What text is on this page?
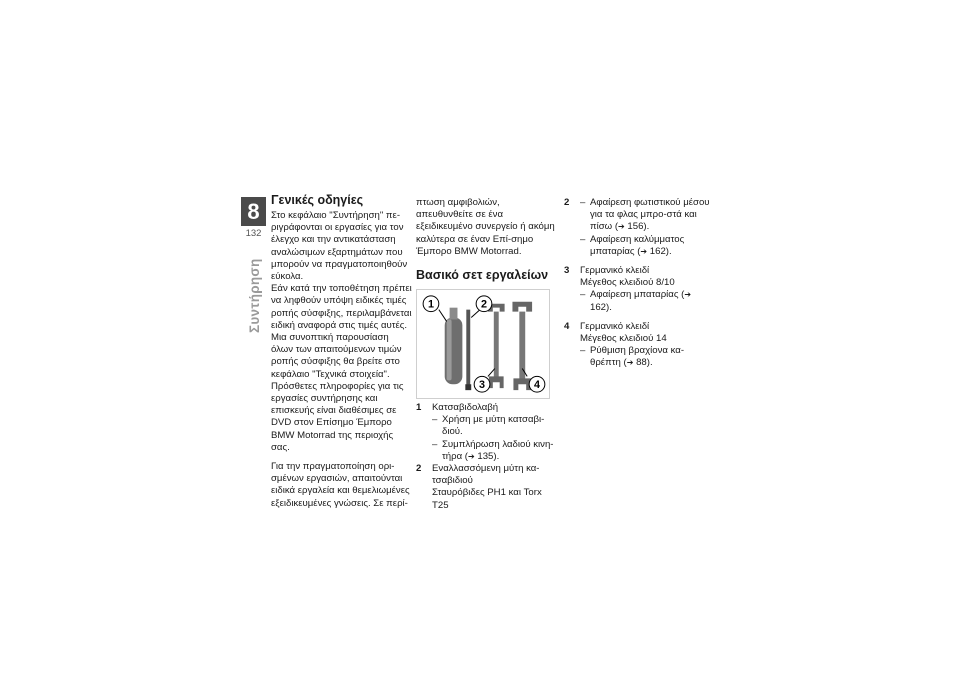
8
132
Συντήρηση
Γενικές οδηγίες

Στο κεφάλαιο "Συντήρηση" πε-ριγράφονται οι εργασίες για τον έλεγχο και την αντικατάσταση αναλώσιμων εξαρτημάτων που μπορούν να πραγματοποιηθούν εύκολα.

Εάν κατά την τοποθέτηση πρέπει να ληφθούν υπόψη ειδικές τιμές ροπής σύσφιξης, περιλαμβάνεται ειδική αναφορά στις τιμές αυτές. Μια συνοπτική παρουσίαση όλων των απαιτούμενων τιμών ροπής σύσφιξης θα βρείτε στο κεφάλαιο "Τεχνικά στοιχεία".

Πρόσθετες πληροφορίες για τις εργασίες συντήρησης και επισκευής είναι διαθέσιμες σε DVD στον Επίσημο Έμπορο BMW Motorrad της περιοχής σας.

Για την πραγματοποίηση ορι-σμένων εργασιών, απαιτούνται ειδικά εργαλεία και θεμελιωμένες εξειδικευμένες γνώσεις. Σε περί-

πτωση αμφιβολιών, απευθυνθείτε σε ένα εξειδικευμένο συνεργείο ή ακόμη καλύτερα σε έναν Επί-σημο Έμπορο BMW Motorrad.

Βασικό σετ εργαλείων
1	2
3	4
1 Κατσαβιδολαβή

– Χρήση με μύτη κατσαβι-διού.

– Συμπλήρωση λαδιού κινη-τήρα (➔ 135).

2 Εναλλασσόμενη μύτη κα-τσαβιδιού

Σταυρόβιδες PH1 και Torx T25

2

–	Αφαίρεση φωτιστικού μέσου για τα φλας μπρο-στά και πίσω (➔ 156).

– Αφαίρεση καλύμματος μπαταρίας (➔ 162).

3 Γερμανικό κλειδί

Μέγεθος κλειδιού 8/10

– Αφαίρεση μπαταρίας (➔ 162).

4 Γερμανικό κλειδί

Μέγεθος κλειδιού 14

– Ρύθμιση βραχίονα κα-θρέπτη (➔ 88).
